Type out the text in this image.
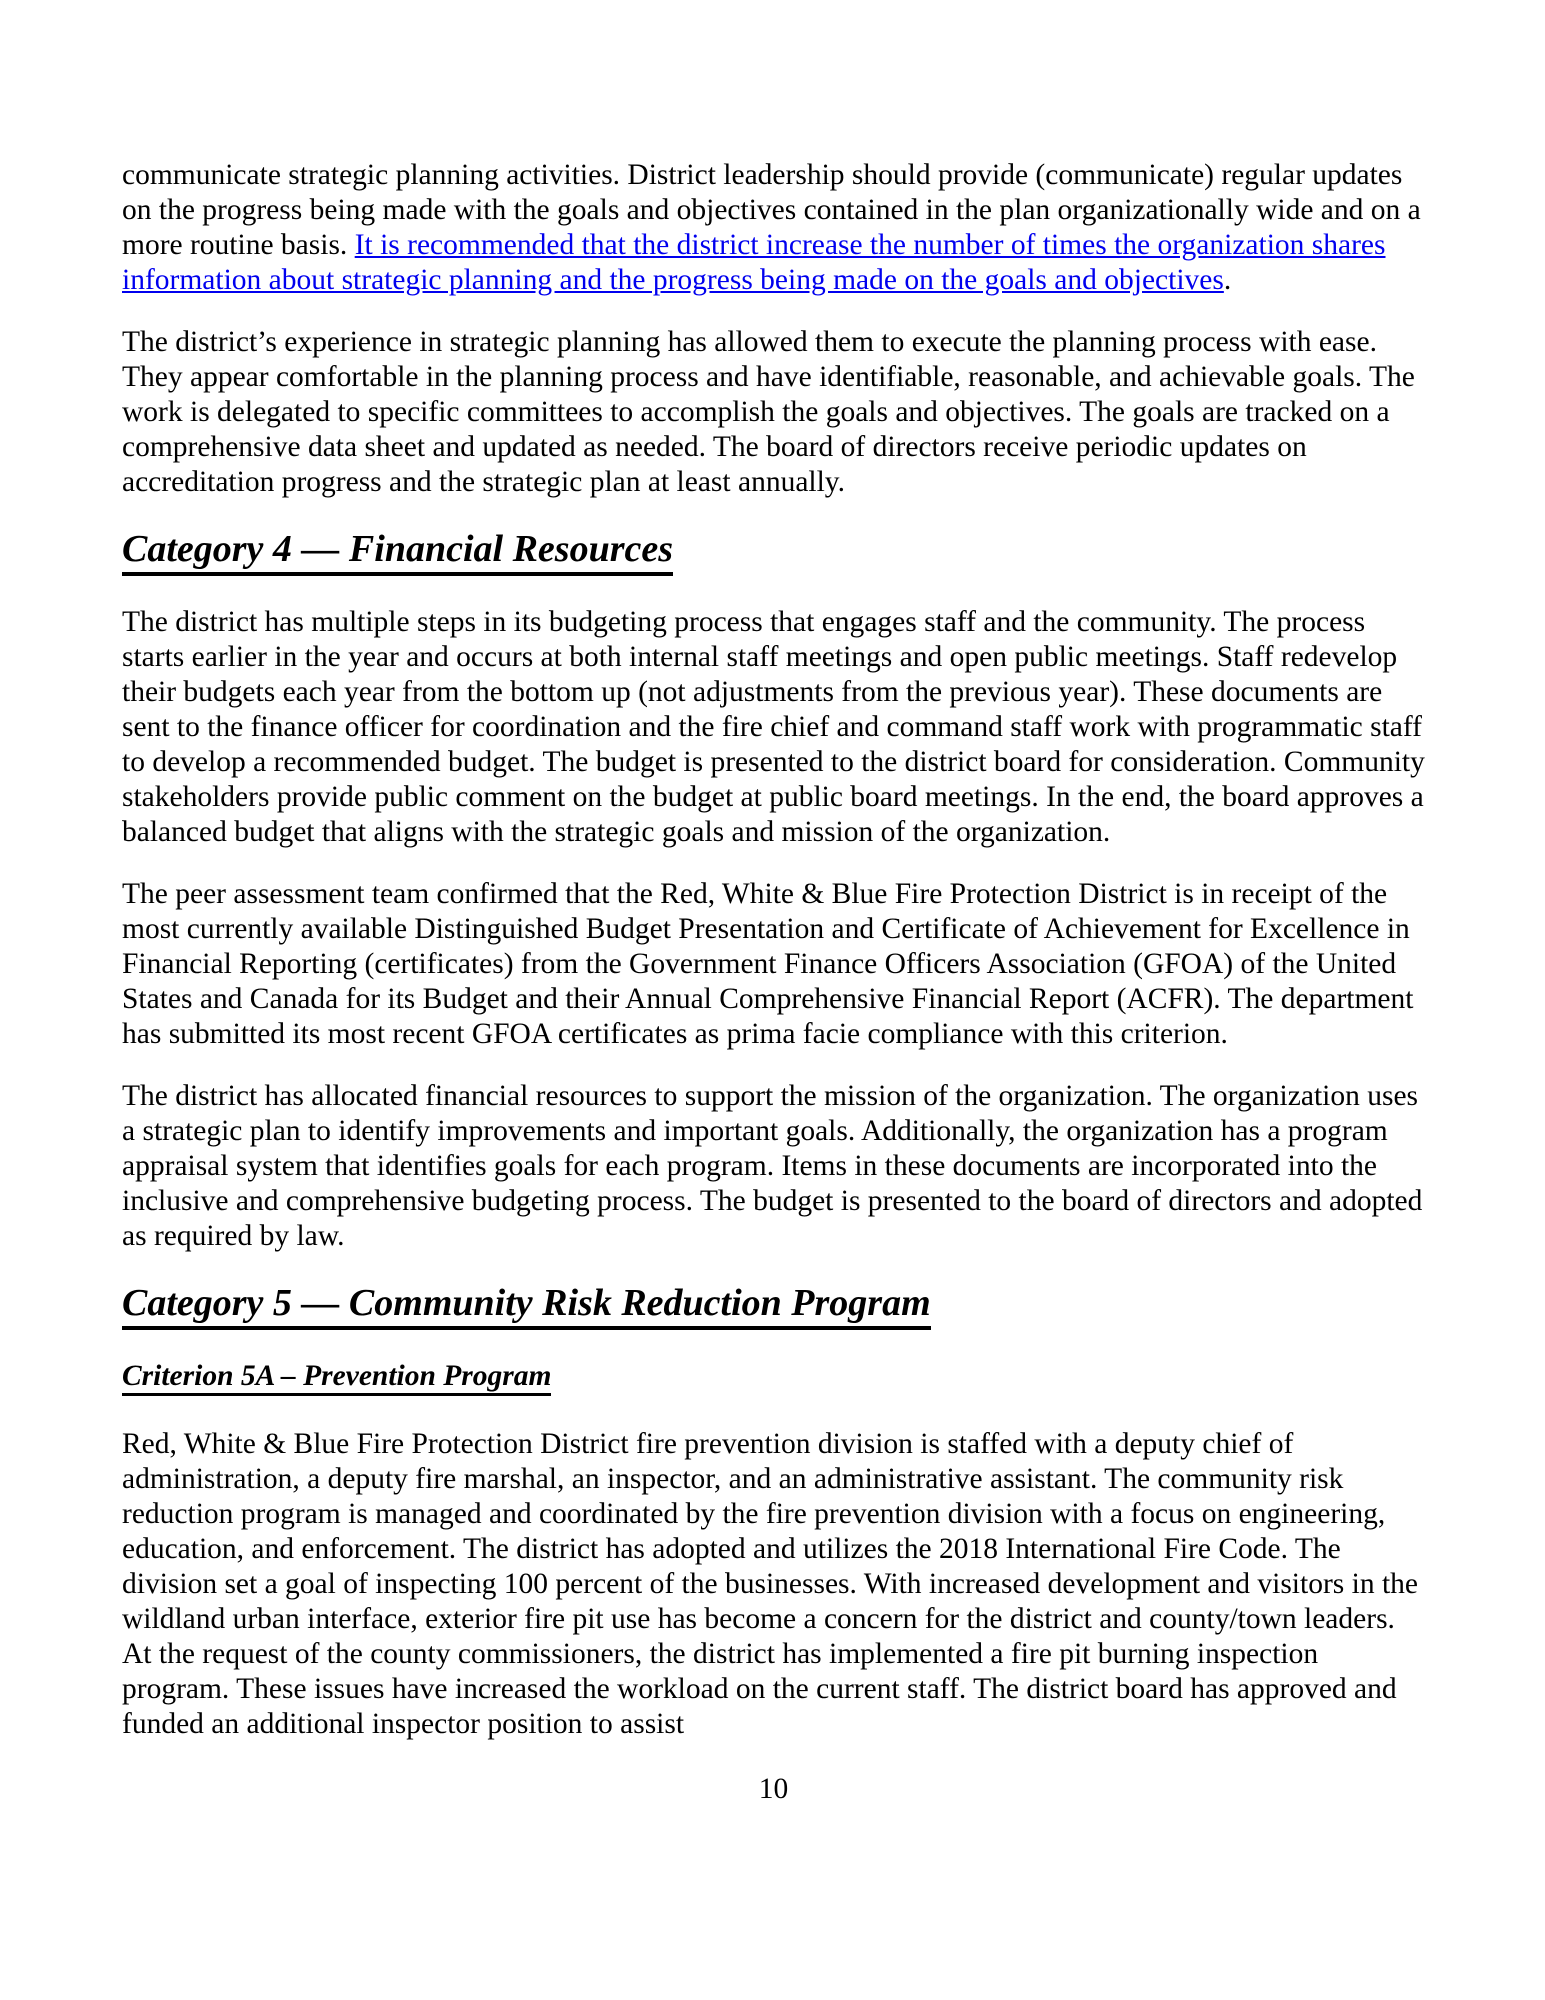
communicate strategic planning activities. District leadership should provide (communicate) regular updates on the progress being made with the goals and objectives contained in the plan organizationally wide and on a more routine basis. It is recommended that the district increase the number of times the organization shares information about strategic planning and the progress being made on the goals and objectives.

The district’s experience in strategic planning has allowed them to execute the planning process with ease. They appear comfortable in the planning process and have identifiable, reasonable, and achievable goals. The work is delegated to specific committees to accomplish the goals and objectives. The goals are tracked on a comprehensive data sheet and updated as needed. The board of directors receive periodic updates on accreditation progress and the strategic plan at least annually.

Category 4 — Financial Resources

The district has multiple steps in its budgeting process that engages staff and the community. The process starts earlier in the year and occurs at both internal staff meetings and open public meetings. Staff redevelop their budgets each year from the bottom up (not adjustments from the previous year). These documents are sent to the finance officer for coordination and the fire chief and command staff work with programmatic staff to develop a recommended budget. The budget is presented to the district board for consideration. Community stakeholders provide public comment on the budget at public board meetings. In the end, the board approves a balanced budget that aligns with the strategic goals and mission of the organization.

The peer assessment team confirmed that the Red, White & Blue Fire Protection District is in receipt of the most currently available Distinguished Budget Presentation and Certificate of Achievement for Excellence in Financial Reporting (certificates) from the Government Finance Officers Association (GFOA) of the United States and Canada for its Budget and their Annual Comprehensive Financial Report (ACFR). The department has submitted its most recent GFOA certificates as prima facie compliance with this criterion.

The district has allocated financial resources to support the mission of the organization. The organization uses a strategic plan to identify improvements and important goals. Additionally, the organization has a program appraisal system that identifies goals for each program. Items in these documents are incorporated into the inclusive and comprehensive budgeting process. The budget is presented to the board of directors and adopted as required by law.

Category 5 — Community Risk Reduction Program
Criterion 5A – Prevention Program

Red, White & Blue Fire Protection District fire prevention division is staffed with a deputy chief of administration, a deputy fire marshal, an inspector, and an administrative assistant. The community risk reduction program is managed and coordinated by the fire prevention division with a focus on engineering, education, and enforcement. The district has adopted and utilizes the 2018 International Fire Code. The division set a goal of inspecting 100 percent of the businesses. With increased development and visitors in the wildland urban interface, exterior fire pit use has become a concern for the district and county/town leaders. At the request of the county commissioners, the district has implemented a fire pit burning inspection program. These issues have increased the workload on the current staff. The district board has approved and funded an additional inspector position to assist

10
